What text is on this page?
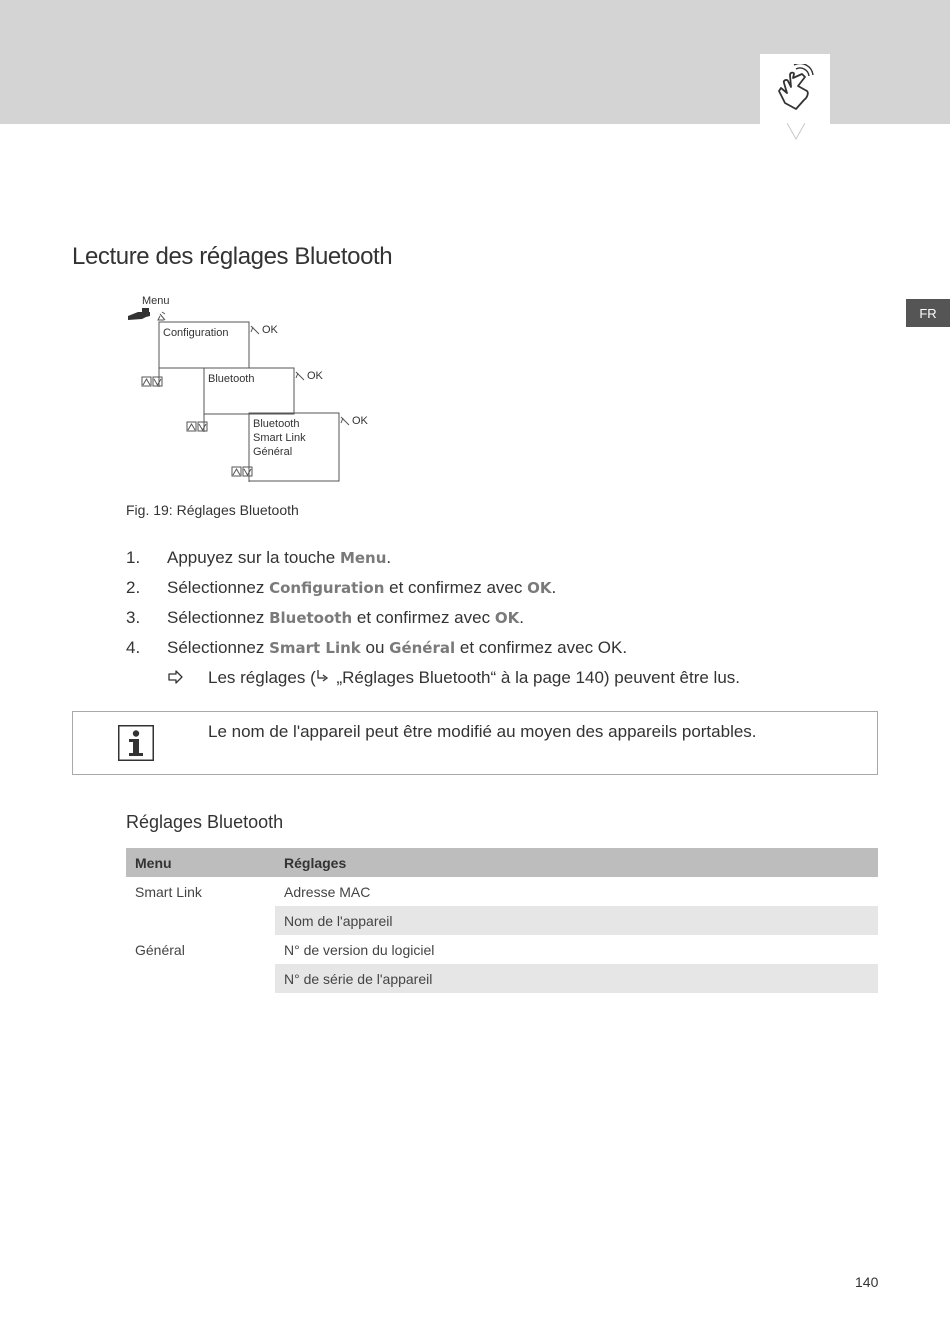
FR
Lecture des réglages Bluetooth
Menu
Configuration	OK
Bluetooth	OK
Bluetooth
Smart Link
Général
OK
Fig. 19: Réglages Bluetooth
1. Appuyez sur la touche Menu.
2. Sélectionnez Configuration et confirmez avec OK.
3. Sélectionnez Bluetooth et confirmez avec OK.
4. Sélectionnez Smart Link ou Général et confirmez avec OK.
Les réglages ( „Réglages Bluetooth“ à la page 140) peuvent être lus.
Le nom de l'appareil peut être modifié au moyen des appareils portables.
Réglages Bluetooth
Menu	Réglages
Smart Link	Adresse MAC
	Nom de l'appareil
Général	N° de version du logiciel
	N° de série de l'appareil
140
